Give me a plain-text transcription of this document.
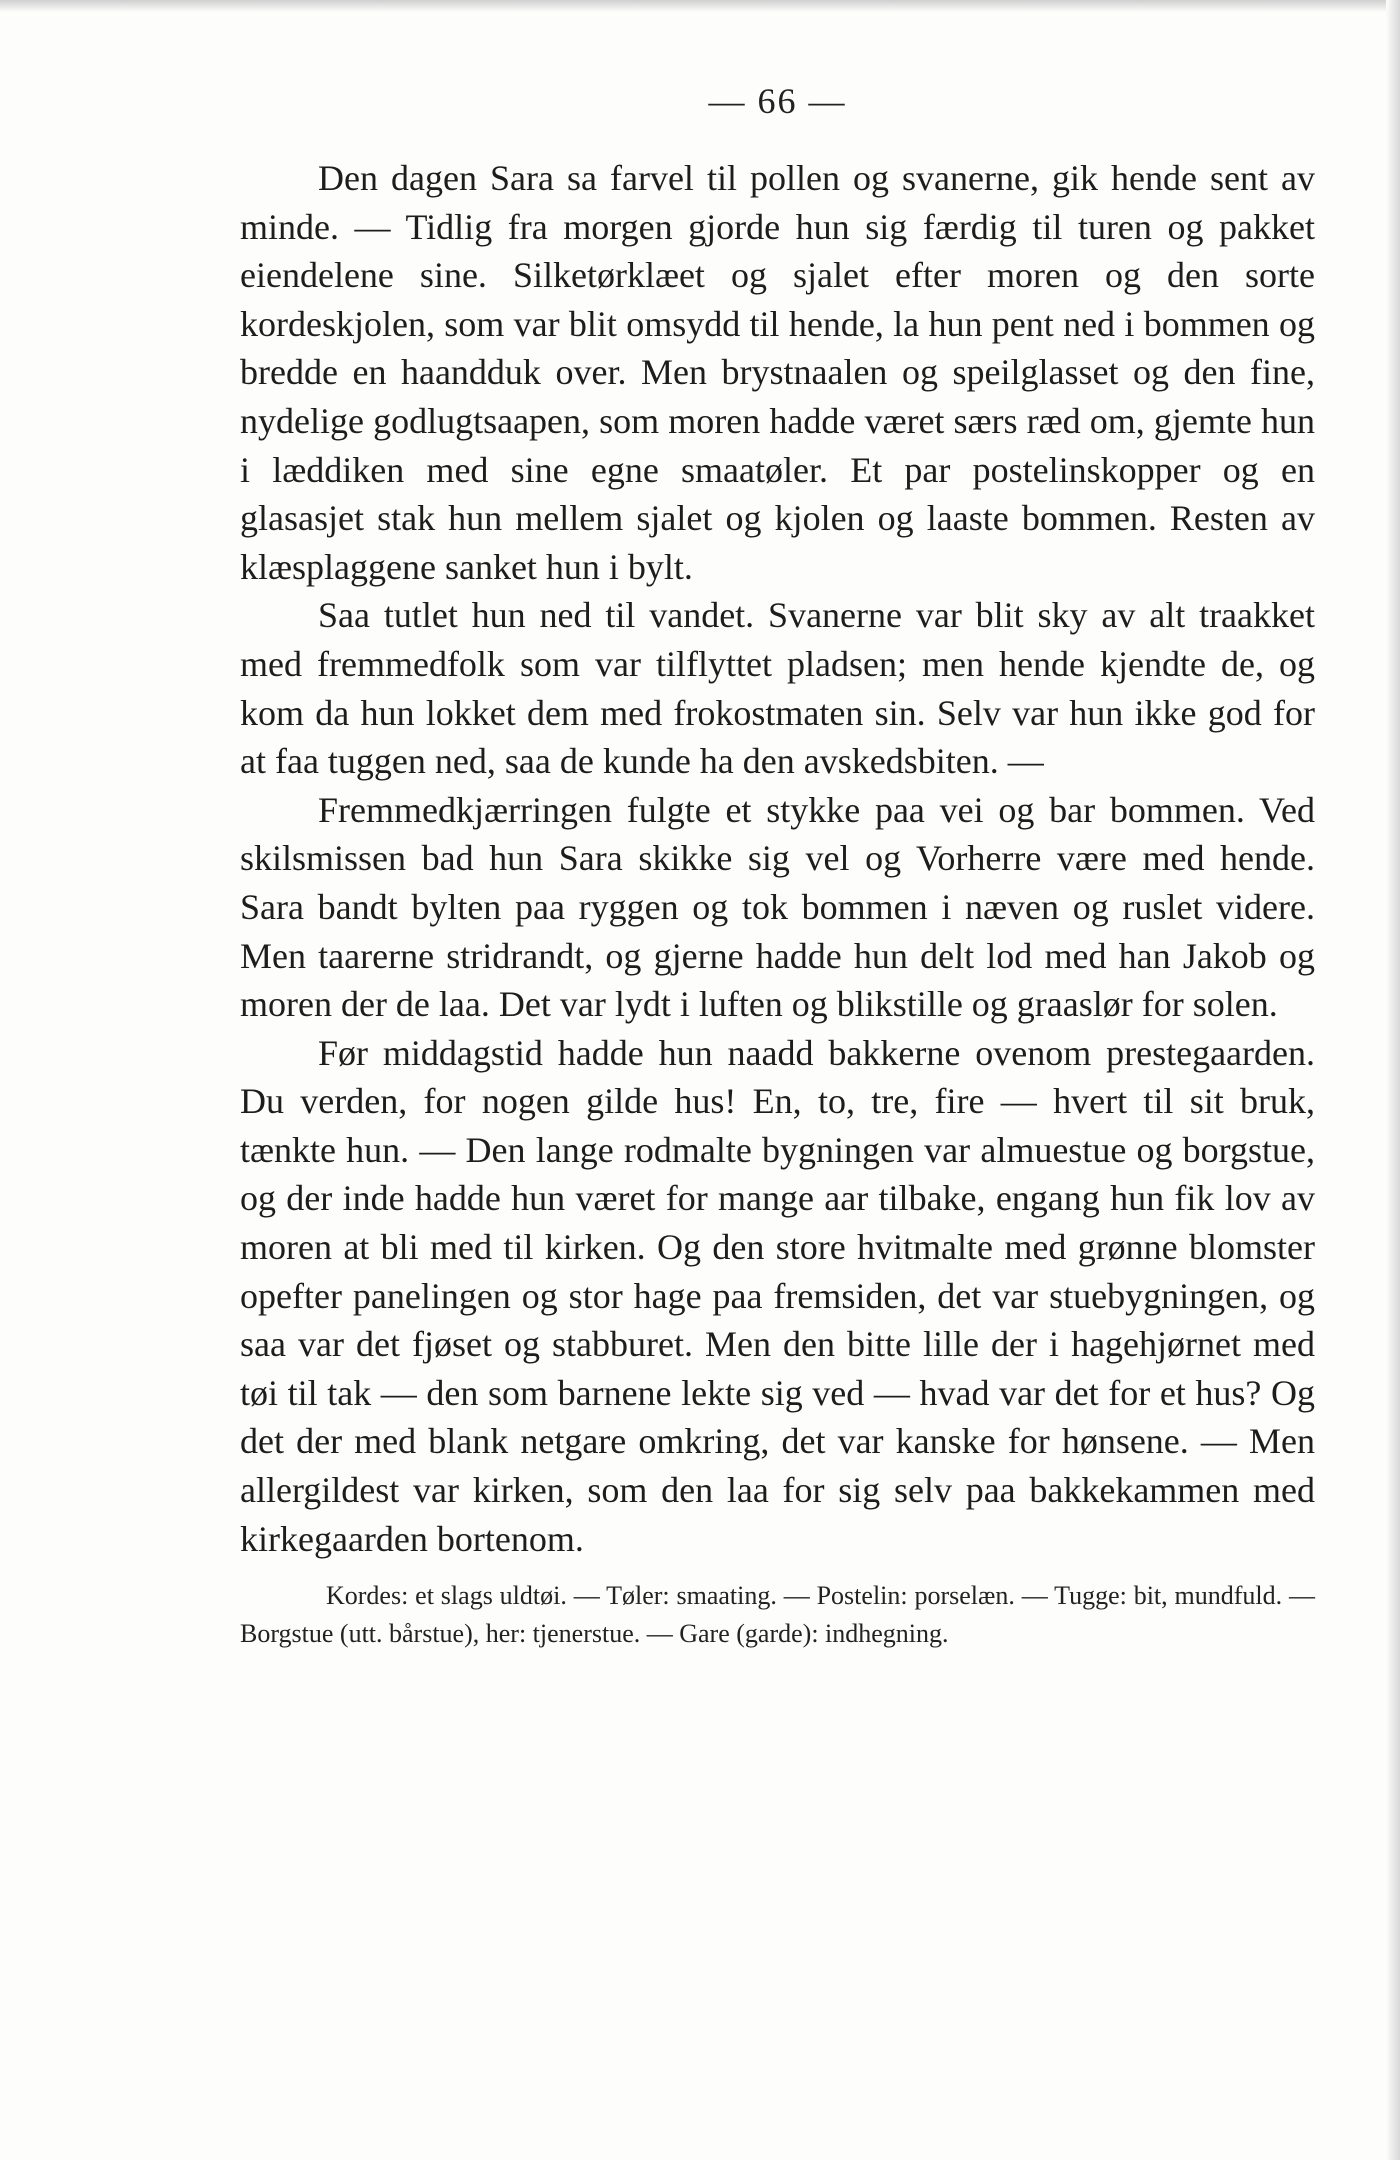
— 66 —

Den dagen Sara sa farvel til pollen og svanerne, gik hende sent av minde. — Tidlig fra morgen gjorde hun sig færdig til turen og pakket eiendelene sine. Silketørklæet og sjalet efter moren og den sorte kordeskjolen, som var blit omsydd til hende, la hun pent ned i bommen og bredde en haandduk over. Men brystnaalen og speilglasset og den fine, nydelige godlugtsaapen, som moren hadde været særs ræd om, gjemte hun i læddiken med sine egne smaatøler. Et par postelinskopper og en glasasjet stak hun mellem sjalet og kjolen og laaste bommen. Resten av klæsplaggene sanket hun i bylt.

Saa tutlet hun ned til vandet. Svanerne var blit sky av alt traakket med fremmedfolk som var tilflyttet pladsen; men hende kjendte de, og kom da hun lokket dem med frokostmaten sin. Selv var hun ikke god for at faa tuggen ned, saa de kunde ha den avskedsbiten. —

Fremmedkjærringen fulgte et stykke paa vei og bar bommen. Ved skilsmissen bad hun Sara skikke sig vel og Vorherre være med hende. Sara bandt bylten paa ryggen og tok bommen i næven og ruslet videre. Men taarerne stridrandt, og gjerne hadde hun delt lod med han Jakob og moren der de laa. Det var lydt i luften og blikstille og graaslør for solen.

Før middagstid hadde hun naadd bakkerne ovenom prestegaarden. Du verden, for nogen gilde hus! En, to, tre, fire — hvert til sit bruk, tænkte hun. — Den lange rodmalte bygningen var almuestue og borgstue, og der inde hadde hun været for mange aar tilbake, engang hun fik lov av moren at bli med til kirken. Og den store hvitmalte med grønne blomster opefter panelingen og stor hage paa fremsiden, det var stuebygningen, og saa var det fjøset og stabburet. Men den bitte lille der i hagehjørnet med tøi til tak — den som barnene lekte sig ved — hvad var det for et hus? Og det der med blank netgare omkring, det var kanske for hønsene. — Men allergildest var kirken, som den laa for sig selv paa bakkekammen med kirkegaarden bortenom.

Kordes: et slags uldtøi. — Tøler: smaating. — Postelin: porselæn. — Tugge: bit, mundfuld. — Borgstue (utt. bårstue), her: tjenerstue. — Gare (garde): indhegning.
